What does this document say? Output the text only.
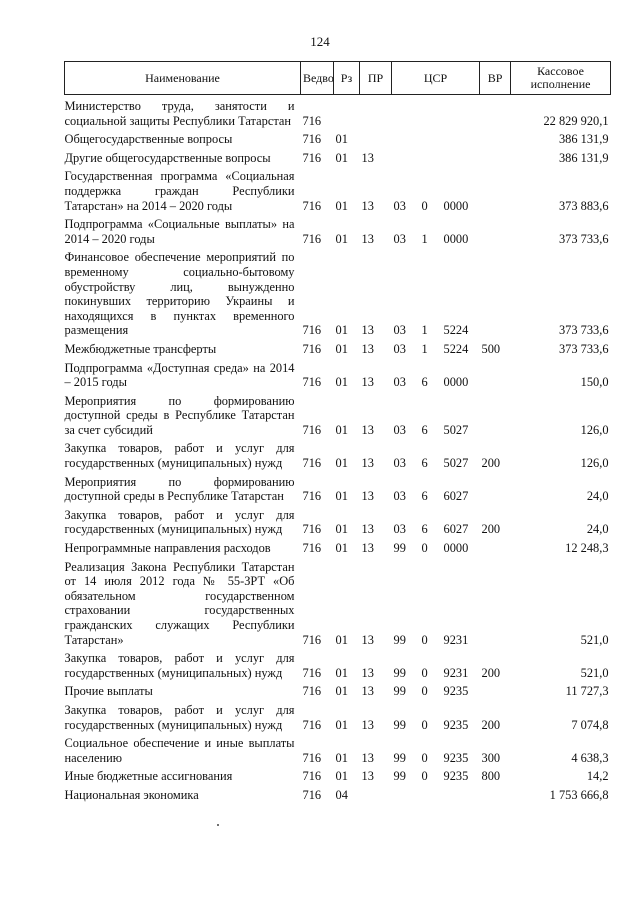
124
Наименование	Ведво	Рз	ПР	ЦСР			ВР	Кассовое исполнение
Министерство труда, занятости и социальной защиты Республики Татарстан	716							22 829 920,1
Общегосударственные вопросы	716	01						386 131,9
Другие общегосударственные вопросы	716	01	13					386 131,9
Государственная программа «Социальная поддержка граждан Республики Татарстан» на 2014 – 2020 годы	716	01	13	03	0	0000		373 883,6
Подпрограмма «Социальные выплаты» на 2014 – 2020 годы	716	01	13	03	1	0000		373 733,6
Финансовое обеспечение мероприятий по временному социально-бытовому обустройству лиц, вынужденно покинувших территорию Украины и находящихся в пунктах временного размещения	716	01	13	03	1	5224		373 733,6
Межбюджетные трансферты	716	01	13	03	1	5224	500	373 733,6
Подпрограмма «Доступная среда» на 2014 – 2015 годы	716	01	13	03	6	0000		150,0
Мероприятия по формированию доступной среды в Республике Татарстан за счет субсидий	716	01	13	03	6	5027		126,0
Закупка товаров, работ и услуг для государственных (муниципальных) нужд	716	01	13	03	6	5027	200	126,0
Мероприятия по формированию доступной среды в Республике Татарстан	716	01	13	03	6	6027		24,0
Закупка товаров, работ и услуг для государственных (муниципальных) нужд	716	01	13	03	6	6027	200	24,0
Непрограммные направления расходов	716	01	13	99	0	0000		12 248,3
Реализация Закона Республики Татарстан от 14 июля 2012 года № 55-ЗРТ «Об обязательном государственном страховании государственных гражданских служащих Республики Татарстан»	716	01	13	99	0	9231		521,0
Закупка товаров, работ и услуг для государственных (муниципальных) нужд	716	01	13	99	0	9231	200	521,0
Прочие выплаты	716	01	13	99	0	9235		11 727,3
Закупка товаров, работ и услуг для государственных (муниципальных) нужд	716	01	13	99	0	9235	200	7 074,8
Социальное обеспечение и иные выплаты населению	716	01	13	99	0	9235	300	4 638,3
Иные бюджетные ассигнования	716	01	13	99	0	9235	800	14,2
Национальная экономика	716	04						1 753 666,8
